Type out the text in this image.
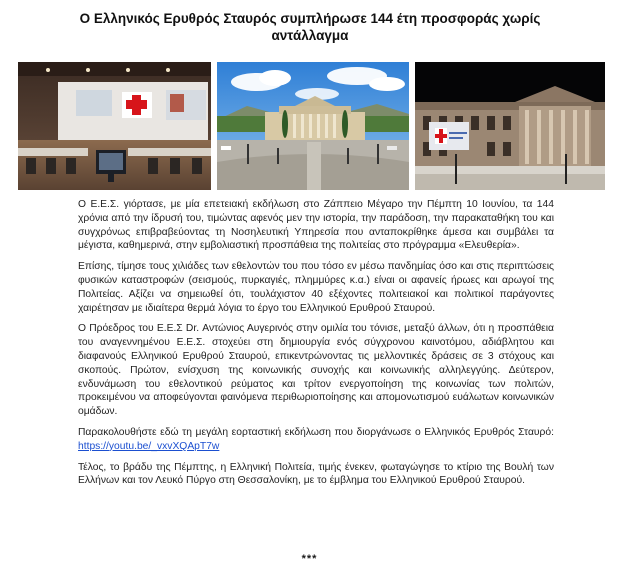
Ο Ελληνικός Ερυθρός Σταυρός συμπλήρωσε 144 έτη προσφοράς χωρίς αντάλλαγμα

Ο Ε.Ε.Σ. γιόρτασε, με μία επετειακή εκδήλωση στο Ζάππειο Μέγαρο την Πέμπτη 10 Ιουνίου, τα 144 χρόνια από την ίδρυσή του, τιμώντας αφενός μεν την ιστορία, την παράδοση, την παρακαταθήκη του και συγχρόνως επιβραβεύοντας τη Νοσηλευτική Υπηρεσία που ανταποκρίθηκε άμεσα και συμβάλει τα μέγιστα, καθημερινά, στην εμβολιαστική προσπάθεια της πολιτείας στο πρόγραμμα «Ελευθερία».

Επίσης, τίμησε τους χιλιάδες των εθελοντών του που τόσο εν μέσω πανδημίας όσο και στις περιπτώσεις φυσικών καταστροφών (σεισμούς, πυρκαγιές, πλημμύρες κ.α.) είναι οι αφανείς ήρωες και αρωγοί της Πολιτείας. Αξίζει να σημειωθεί ότι, τουλάχιστον 40 εξέχοντες πολιτειακοί και πολιτικοί παράγοντες χαιρέτησαν με ιδιαίτερα θερμά λόγια το έργο του Ελληνικού Ερυθρού Σταυρού.

Ο Πρόεδρος του Ε.Ε.Σ Dr. Αντώνιος Αυγερινός στην ομιλία του τόνισε, μεταξύ άλλων, ότι η προσπάθεια του αναγεννημένου Ε.Ε.Σ. στοχεύει στη δημιουργία ενός σύγχρονου καινοτόμου, αδιάβλητου και διαφανούς Ελληνικού Ερυθρού Σταυρού, επικεντρώνοντας τις μελλοντικές δράσεις σε 3 στόχους και σκοπούς. Πρώτον, ενίσχυση της κοινωνικής συνοχής και κοινωνικής αλληλεγγύης. Δεύτερον, ενδυνάμωση του εθελοντικού ρεύματος και τρίτον ενεργοποίηση της κοινωνίας των πολιτών, προκειμένου να αποφεύγονται φαινόμενα περιθωριοποίησης και απομονωτισμού ευάλωτων κοινωνικών ομάδων.

Παρακολουθήστε εδώ τη μεγάλη εορταστική εκδήλωση που διοργάνωσε ο Ελληνικός Ερυθρός Σταυρό: https://youtu.be/_vxvXQApT7w

Τέλος, το βράδυ της Πέμπτης, η Ελληνική Πολιτεία, τιμής ένεκεν, φωταγώγησε το κτίριο της Βουλή των Ελλήνων και τον Λευκό Πύργο στη Θεσσαλονίκη, με το έμβλημα του Ελληνικού Ερυθρού Σταυρού.

***
